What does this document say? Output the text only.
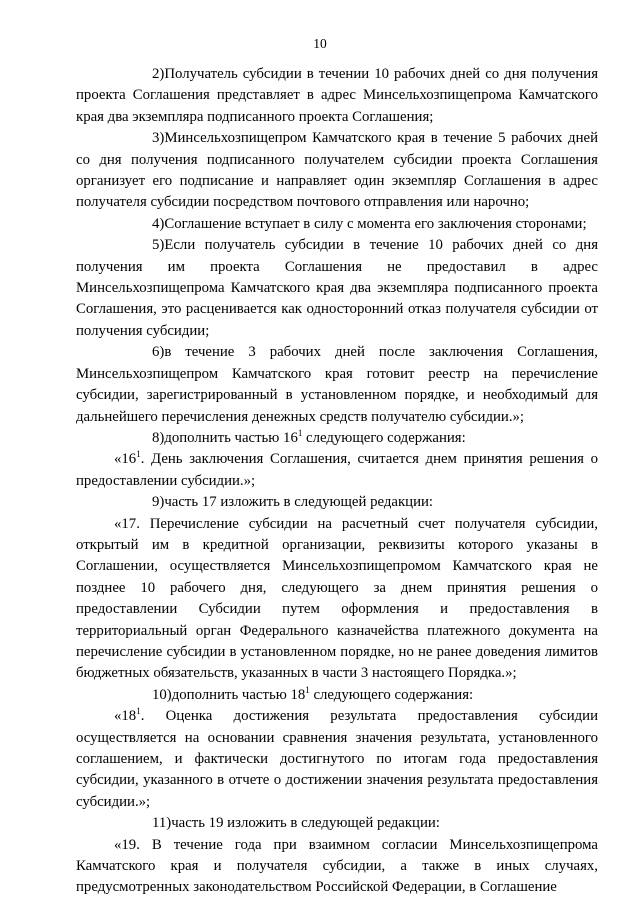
10

2)Получатель субсидии в течении 10 рабочих дней со дня получения проекта Соглашения представляет в адрес Минсельхозпищепрома Камчатского края два экземпляра подписанного проекта Соглашения;

3)Минсельхозпищепром Камчатского края в течение 5 рабочих дней со дня получения подписанного получателем субсидии проекта Соглашения организует его подписание и направляет один экземпляр Соглашения в адрес получателя субсидии посредством почтового отправления или нарочно;

4)Соглашение вступает в силу с момента его заключения сторонами;

5)Если получатель субсидии в течение 10 рабочих дней со дня получения им проекта Соглашения не предоставил в адрес Минсельхозпищепрома Камчатского края два экземпляра подписанного проекта Соглашения, это расценивается как односторонний отказ получателя субсидии от получения субсидии;

6)в течение 3 рабочих дней после заключения Соглашения, Минсельхозпищепром Камчатского края готовит реестр на перечисление субсидии, зарегистрированный в установленном порядке, и необходимый для дальнейшего перечисления денежных средств получателю субсидии.»;

8)дополнить частью $16^1$ следующего содержания:

«$16^1$. День заключения Соглашения, считается днем принятия решения о предоставлении субсидии.»;

9)часть 17 изложить в следующей редакции:

«17. Перечисление субсидии на расчетный счет получателя субсидии, открытый им в кредитной организации, реквизиты которого указаны в Соглашении, осуществляется Минсельхозпищепромом Камчатского края не позднее 10 рабочего дня, следующего за днем принятия решения о предоставлении Субсидии путем оформления и предоставления в территориальный орган Федерального казначейства платежного документа на перечисление субсидии в установленном порядке, но не ранее доведения лимитов бюджетных обязательств, указанных в части 3 настоящего Порядка.»;

10)дополнить частью $18^1$ следующего содержания:

«$18^1$. Оценка достижения результата предоставления субсидии осуществляется на основании сравнения значения результата, установленного соглашением, и фактически достигнутого по итогам года предоставления субсидии, указанного в отчете о достижении значения результата предоставления субсидии.»;

11)часть 19 изложить в следующей редакции:

«19. В течение года при взаимном согласии Минсельхозпищепрома Камчатского края и получателя субсидии, а также в иных случаях, предусмотренных законодательством Российской Федерации, в Соглашение
